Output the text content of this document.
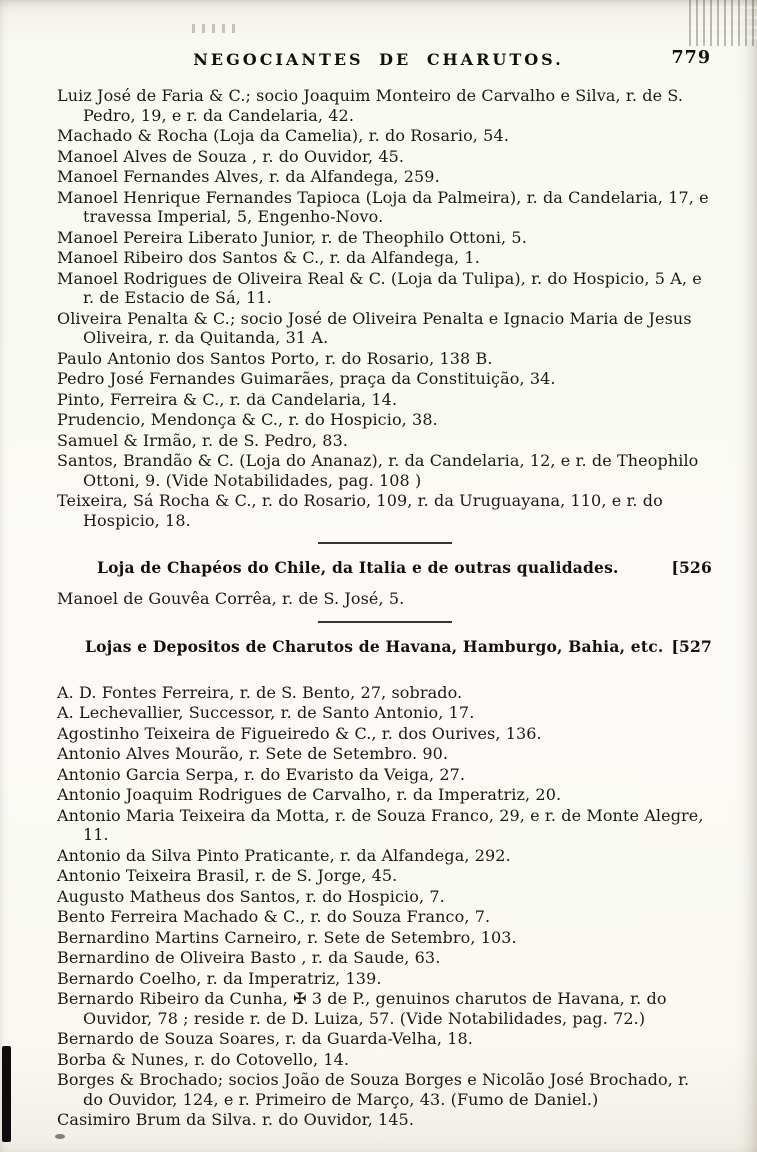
NEGOCIANTES DE CHARUTOS.	779

Luiz José de Faria & C.; socio Joaquim Monteiro de Carvalho e Silva, r. de S. Pedro, 19, e r. da Candelaria, 42.

Machado & Rocha (Loja da Camelia), r. do Rosario, 54.

Manoel Alves de Souza , r. do Ouvidor, 45.

Manoel Fernandes Alves, r. da Alfandega, 259.

Manoel Henrique Fernandes Tapioca (Loja da Palmeira), r. da Candelaria, 17, e travessa Imperial, 5, Engenho-Novo.

Manoel Pereira Liberato Junior, r. de Theophilo Ottoni, 5.

Manoel Ribeiro dos Santos & C., r. da Alfandega, 1.

Manoel Rodrigues de Oliveira Real & C. (Loja da Tulipa), r. do Hospicio, 5 A, e r. de Estacio de Sá, 11.

Oliveira Penalta & C.; socio José de Oliveira Penalta e Ignacio Maria de Jesus Oliveira, r. da Quitanda, 31 A.

Paulo Antonio dos Santos Porto, r. do Rosario, 138 B.

Pedro José Fernandes Guimarães, praça da Constituição, 34.

Pinto, Ferreira & C., r. da Candelaria, 14.

Prudencio, Mendonça & C., r. do Hospicio, 38.

Samuel & Irmão, r. de S. Pedro, 83.

Santos, Brandão & C. (Loja do Ananaz), r. da Candelaria, 12, e r. de Theophilo Ottoni, 9. (Vide Notabilidades, pag. 108 )

Teixeira, Sá Rocha & C., r. do Rosario, 109, r. da Uruguayana, 110, e r. do Hospicio, 18.

Loja de Chapéos do Chile, da Italia e de outras qualidades.	[526

Manoel de Gouvêa Corrêa, r. de S. José, 5.

Lojas e Depositos de Charutos de Havana, Hamburgo, Bahia, etc. [527

A. D. Fontes Ferreira, r. de S. Bento, 27, sobrado.

A. Lechevallier, Successor, r. de Santo Antonio, 17.

Agostinho Teixeira de Figueiredo & C., r. dos Ourives, 136.

Antonio Alves Mourão, r. Sete de Setembro. 90.

Antonio Garcia Serpa, r. do Evaristo da Veiga, 27.

Antonio Joaquim Rodrigues de Carvalho, r. da Imperatriz, 20.

Antonio Maria Teixeira da Motta, r. de Souza Franco, 29, e r. de Monte Alegre, 11.

Antonio da Silva Pinto Praticante, r. da Alfandega, 292.

Antonio Teixeira Brasil, r. de S. Jorge, 45.

Augusto Matheus dos Santos, r. do Hospicio, 7.

Bento Ferreira Machado & C., r. do Souza Franco, 7.

Bernardino Martins Carneiro, r. Sete de Setembro, 103.

Bernardino de Oliveira Basto , r. da Saude, 63.

Bernardo Coelho, r. da Imperatriz, 139.

Bernardo Ribeiro da Cunha, ✠ 3 de P., genuinos charutos de Havana, r. do Ouvidor, 78 ; reside r. de D. Luiza, 57. (Vide Notabilidades, pag. 72.)

Bernardo de Souza Soares, r. da Guarda-Velha, 18.

Borba & Nunes, r. do Cotovello, 14.

Borges & Brochado; socios João de Souza Borges e Nicolão José Brochado, r. do Ouvidor, 124, e r. Primeiro de Março, 43. (Fumo de Daniel.)

Casimiro Brum da Silva. r. do Ouvidor, 145.
